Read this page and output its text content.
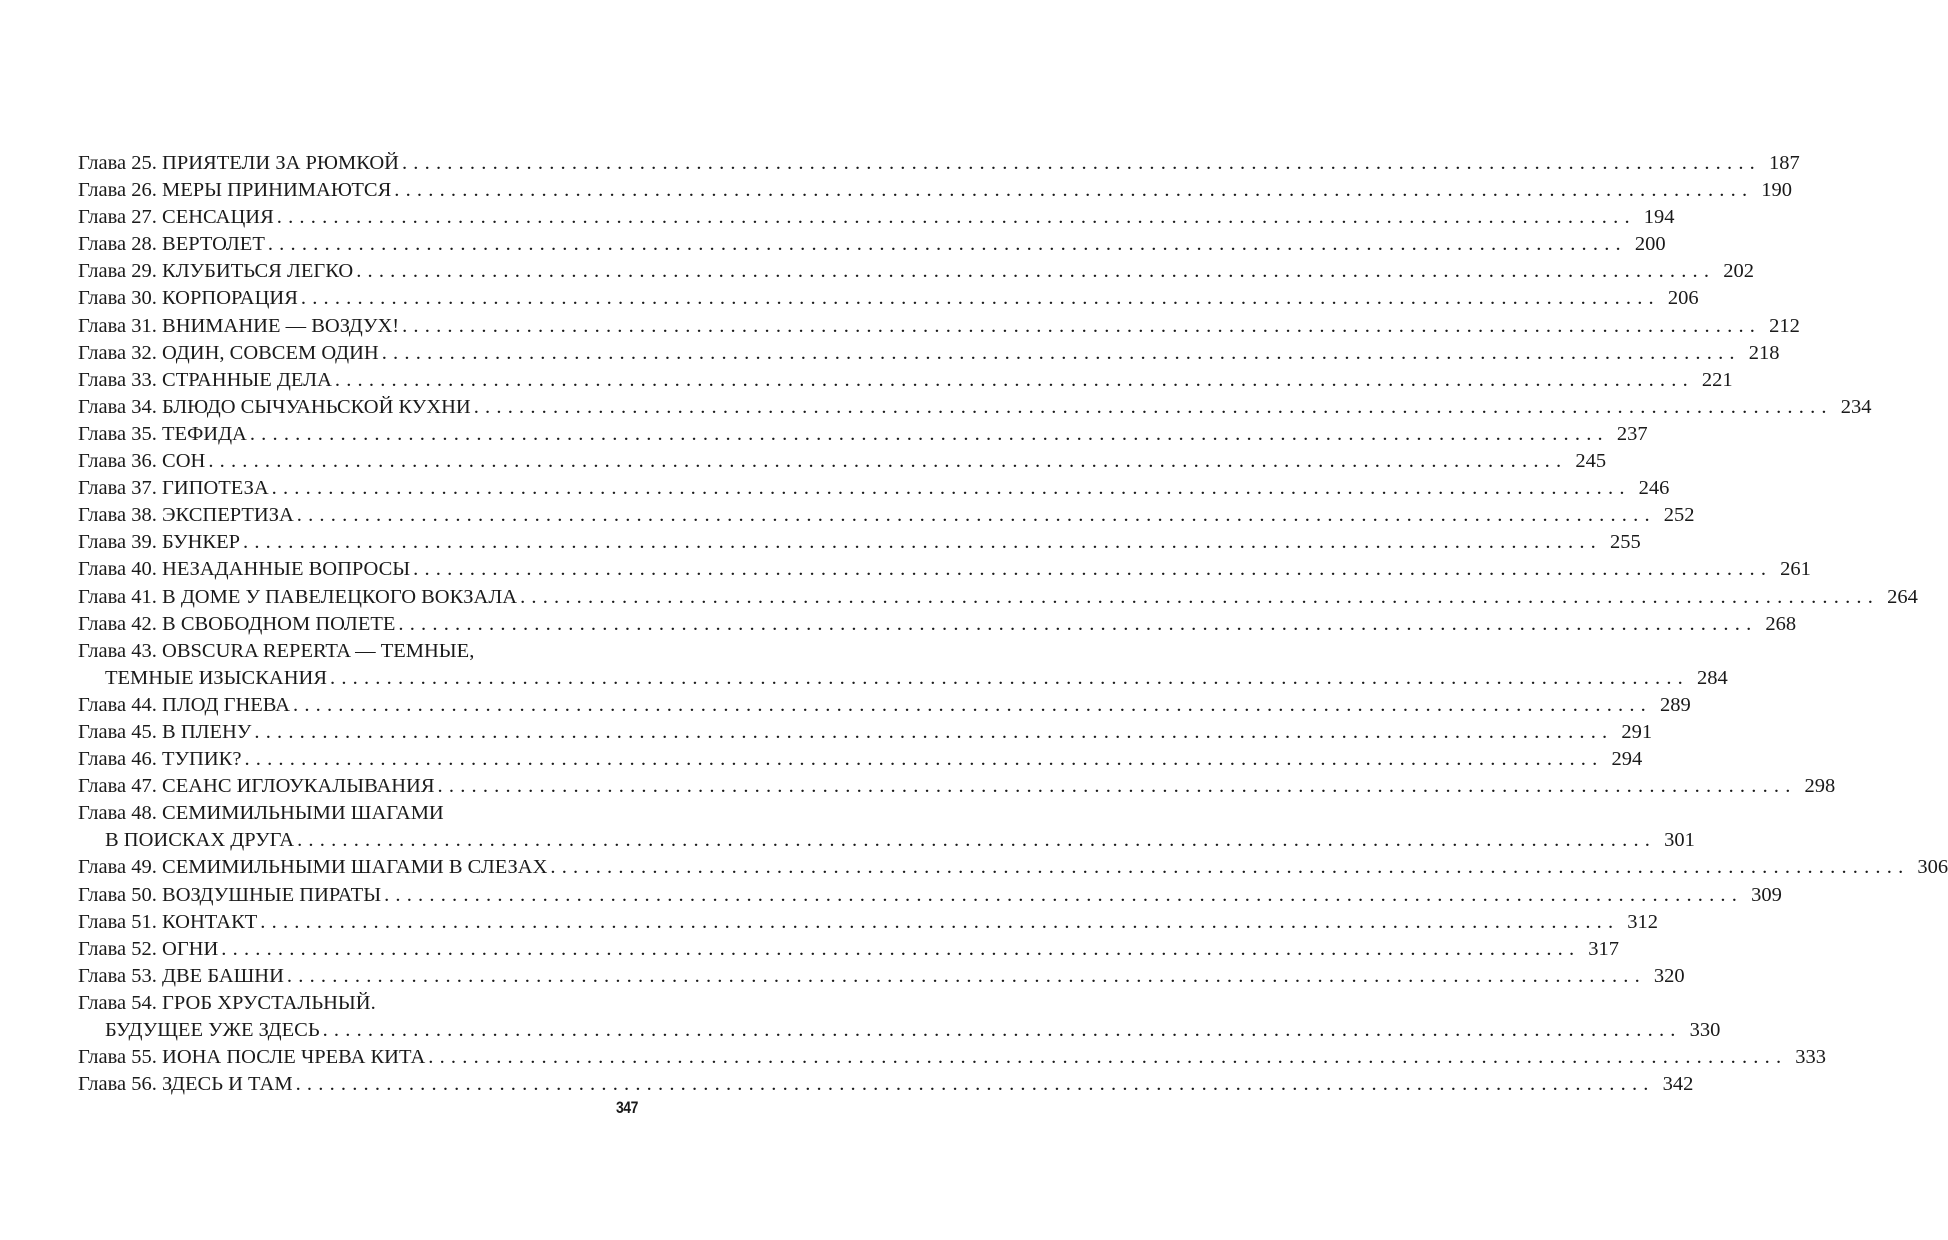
Глава 25. ПРИЯТЕЛИ ЗА РЮМКОЙ ........................................................................................................................ 187
Глава 26. МЕРЫ ПРИНИМАЮТСЯ ........................................................................................................................ 190
Глава 27. СЕНСАЦИЯ ........................................................................................................................ 194
Глава 28. ВЕРТОЛЕТ ........................................................................................................................ 200
Глава 29. КЛУБИТЬСЯ ЛЕГКО ........................................................................................................................ 202
Глава 30. КОРПОРАЦИЯ ........................................................................................................................ 206
Глава 31. ВНИМАНИЕ — ВОЗДУХ! ........................................................................................................................ 212
Глава 32. ОДИН, СОВСЕМ ОДИН ........................................................................................................................ 218
Глава 33. СТРАННЫЕ ДЕЛА ........................................................................................................................ 221
Глава 34. БЛЮДО СЫЧУАНЬСКОЙ КУХНИ ........................................................................................................................ 234
Глава 35. ТЕФИДА ........................................................................................................................ 237
Глава 36. СОН ........................................................................................................................ 245
Глава 37. ГИПОТЕЗА ........................................................................................................................ 246
Глава 38. ЭКСПЕРТИЗА ........................................................................................................................ 252
Глава 39. БУНКЕР ........................................................................................................................ 255
Глава 40. НЕЗАДАННЫЕ ВОПРОСЫ ........................................................................................................................ 261
Глава 41. В ДОМЕ У ПАВЕЛЕЦКОГО ВОКЗАЛА ........................................................................................................................ 264
Глава 42. В СВОБОДНОМ ПОЛЕТЕ ........................................................................................................................ 268
Глава 43. OBSCURA REPERTA — ТЕМНЫЕ,
ТЕМНЫЕ ИЗЫСКАНИЯ ........................................................................................................................ 284
Глава 44. ПЛОД ГНЕВА ........................................................................................................................ 289
Глава 45. В ПЛЕНУ ........................................................................................................................ 291
Глава 46. ТУПИК? ........................................................................................................................ 294
Глава 47. СЕАНС ИГЛОУКАЛЫВАНИЯ ........................................................................................................................ 298
Глава 48. СЕМИМИЛЬНЫМИ ШАГАМИ
В ПОИСКАХ ДРУГА ........................................................................................................................ 301
Глава 49. СЕМИМИЛЬНЫМИ ШАГАМИ В СЛЕЗАХ ........................................................................................................................ 306
Глава 50. ВОЗДУШНЫЕ ПИРАТЫ ........................................................................................................................ 309
Глава 51. КОНТАКТ ........................................................................................................................ 312
Глава 52. ОГНИ ........................................................................................................................ 317
Глава 53. ДВЕ БАШНИ ........................................................................................................................ 320
Глава 54. ГРОБ ХРУСТАЛЬНЫЙ.
БУДУЩЕЕ УЖЕ ЗДЕСЬ ........................................................................................................................ 330
Глава 55. ИОНА ПОСЛЕ ЧРЕВА КИТА ........................................................................................................................ 333
Глава 56. ЗДЕСЬ И ТАМ ........................................................................................................................ 342
347
